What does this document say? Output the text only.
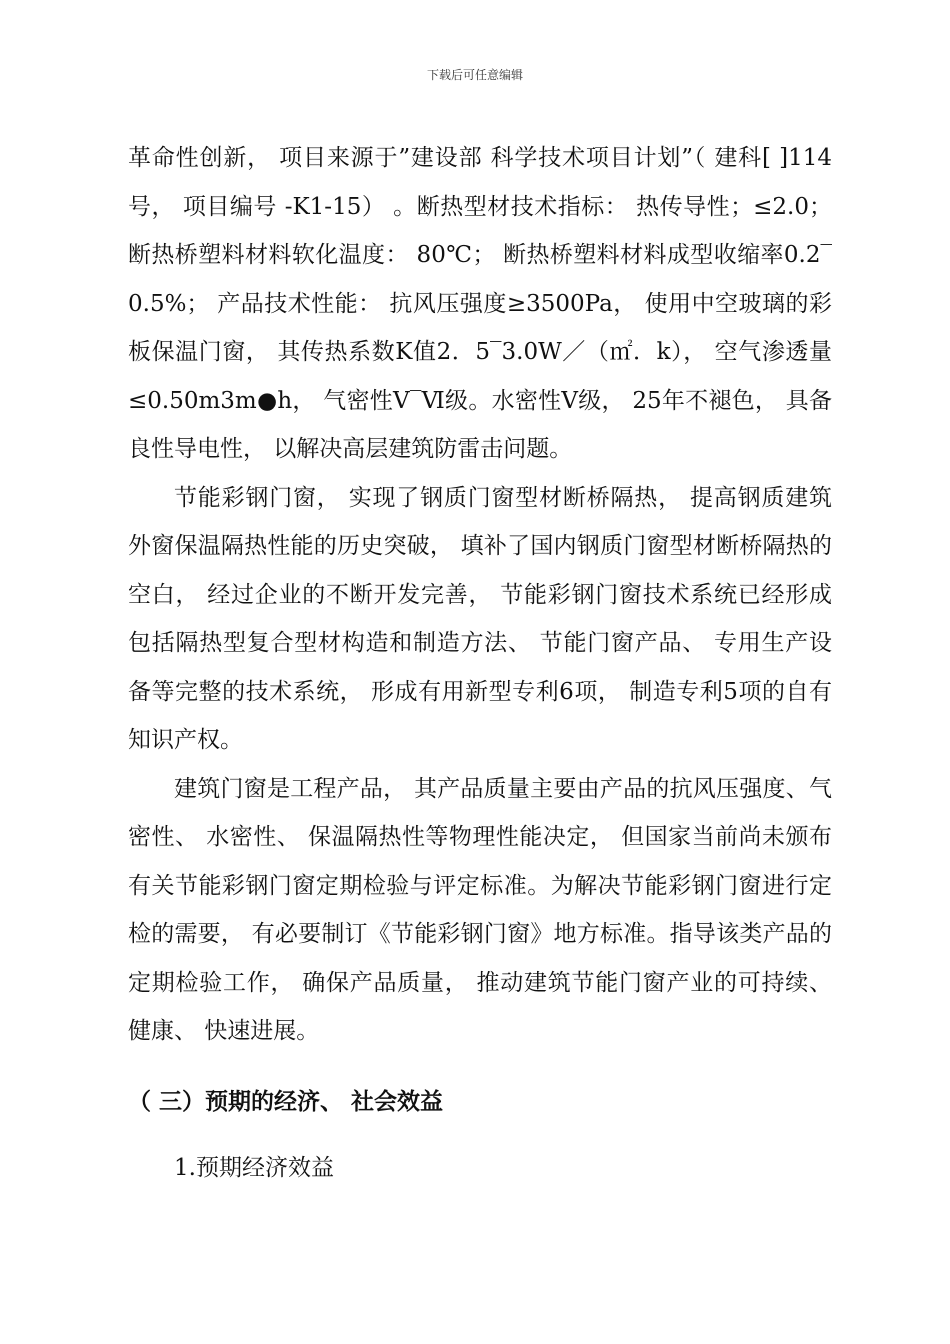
下载后可任意编辑

革命性创新， 项目来源于”建设部 科学技术项目计划”（ 建科[ ]114号， 项目编号 -K1-15） 。断热型材技术指标： 热传导性；≤2.0； 断热桥塑料材料软化温度： 80℃； 断热桥塑料材料成型收缩率0.2‾0.5%； 产品技术性能： 抗风压强度≥3500Pa， 使用中空玻璃的彩板保温门窗， 其传热系数K值2．5‾3.0W／（㎡．k）， 空气渗透量≤0.50m3m●h， 气密性Ⅴ‾Ⅵ级。水密性Ⅴ级， 25年不褪色， 具备良性导电性， 以解决高层建筑防雷击问题。

节能彩钢门窗， 实现了钢质门窗型材断桥隔热， 提高钢质建筑外窗保温隔热性能的历史突破， 填补了国内钢质门窗型材断桥隔热的空白， 经过企业的不断开发完善， 节能彩钢门窗技术系统已经形成包括隔热型复合型材构造和制造方法、 节能门窗产品、 专用生产设备等完整的技术系统， 形成有用新型专利6项， 制造专利5项的自有知识产权。

建筑门窗是工程产品， 其产品质量主要由产品的抗风压强度、气密性、 水密性、 保温隔热性等物理性能决定， 但国家当前尚未颁布有关节能彩钢门窗定期检验与评定标准。为解决节能彩钢门窗进行定检的需要， 有必要制订《节能彩钢门窗》地方标准。指导该类产品的定期检验工作， 确保产品质量， 推动建筑节能门窗产业的可持续、健康、 快速进展。

（ 三）预期的经济、 社会效益
1.预期经济效益
